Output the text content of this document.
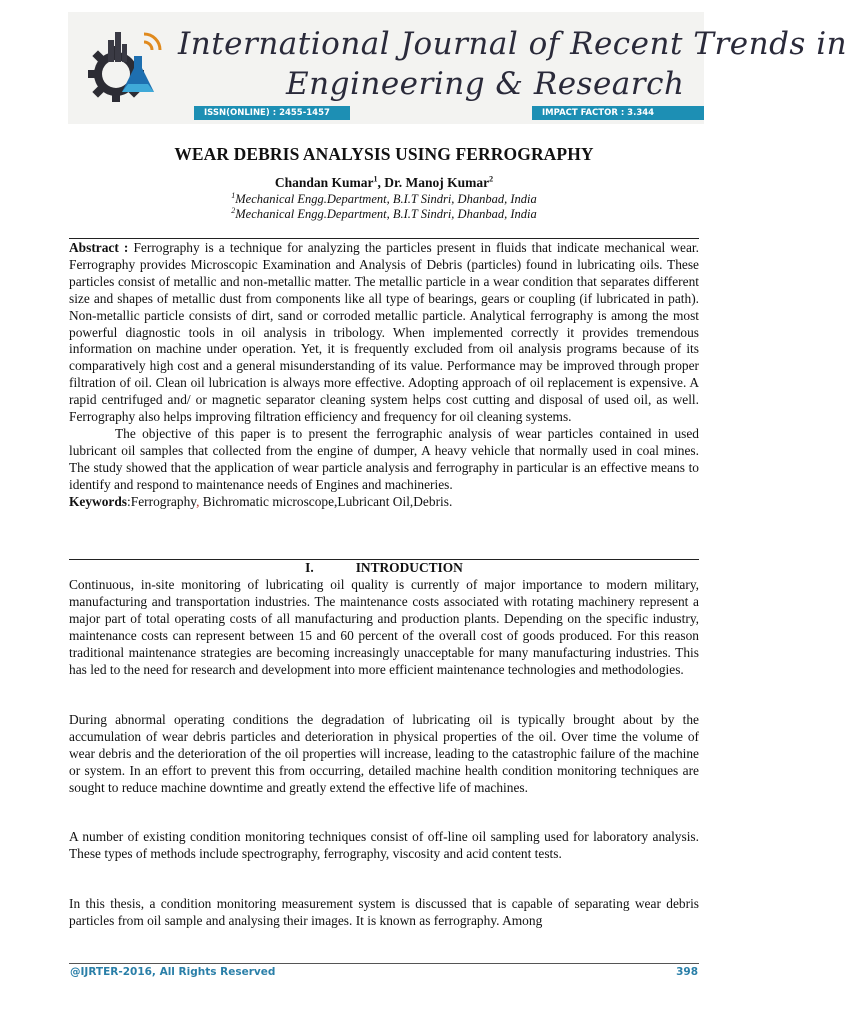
International Journal of Recent Trends in
Engineering & Research
ISSN(ONLINE) : 2455-1457	IMPACT FACTOR : 3.344
WEAR DEBRIS ANALYSIS USING FERROGRAPHY
Chandan Kumar$^1$, Dr. Manoj Kumar$^2$
$^1$Mechanical Engg.Department, B.I.T Sindri, Dhanbad, India
$^2$Mechanical Engg.Department, B.I.T Sindri, Dhanbad, India

Abstract : Ferrography is a technique for analyzing the particles present in fluids that indicate mechanical wear. Ferrography provides Microscopic Examination and Analysis of Debris (particles) found in lubricating oils. These particles consist of metallic and non-metallic matter. The metallic particle in a wear condition that separates different size and shapes of metallic dust from components like all type of bearings, gears or coupling (if lubricated in path). Non-metallic particle consists of dirt, sand or corroded metallic particle. Analytical ferrography is among the most powerful diagnostic tools in oil analysis in tribology. When implemented correctly it provides tremendous information on machine under operation. Yet, it is frequently excluded from oil analysis programs because of its comparatively high cost and a general misunderstanding of its value. Performance may be improved through proper filtration of oil. Clean oil lubrication is always more effective. Adopting approach of oil replacement is expensive. A rapid centrifuged and/ or magnetic separator cleaning system helps cost cutting and disposal of used oil, as well. Ferrography also helps improving filtration efficiency and frequency for oil cleaning systems.

The objective of this paper is to present the ferrographic analysis of wear particles contained in used lubricant oil samples that collected from the engine of dumper, A heavy vehicle that normally used in coal mines. The study showed that the application of wear particle analysis and ferrography in particular is an effective means to identify and respond to maintenance needs of Engines and machineries.

Keywords:Ferrography, Bichromatic microscope,Lubricant Oil,Debris.

I.	INTRODUCTION
Continuous, in-site monitoring of lubricating oil quality is currently of major importance to modern military, manufacturing and transportation industries. The maintenance costs associated with rotating machinery represent a major part of total operating costs of all manufacturing and production plants. Depending on the specific industry, maintenance costs can represent between 15 and 60 percent of the overall cost of goods produced. For this reason traditional maintenance strategies are becoming increasingly unacceptable for many manufacturing industries. This has led to the need for research and development into more efficient maintenance technologies and methodologies.
During abnormal operating conditions the degradation of lubricating oil is typically brought about by the accumulation of wear debris particles and deterioration in physical properties of the oil. Over time the volume of wear debris and the deterioration of the oil properties will increase, leading to the catastrophic failure of the machine or system. In an effort to prevent this from occurring, detailed machine health condition monitoring techniques are sought to reduce machine downtime and greatly extend the effective life of machines.
A number of existing condition monitoring techniques consist of off-line oil sampling used for laboratory analysis. These types of methods include spectrography, ferrography, viscosity and acid content tests.
In this thesis, a condition monitoring measurement system is discussed that is capable of separating wear debris particles from oil sample and analysing their images. It is known as ferrography. Among
@IJRTER-2016, All Rights Reserved	398
